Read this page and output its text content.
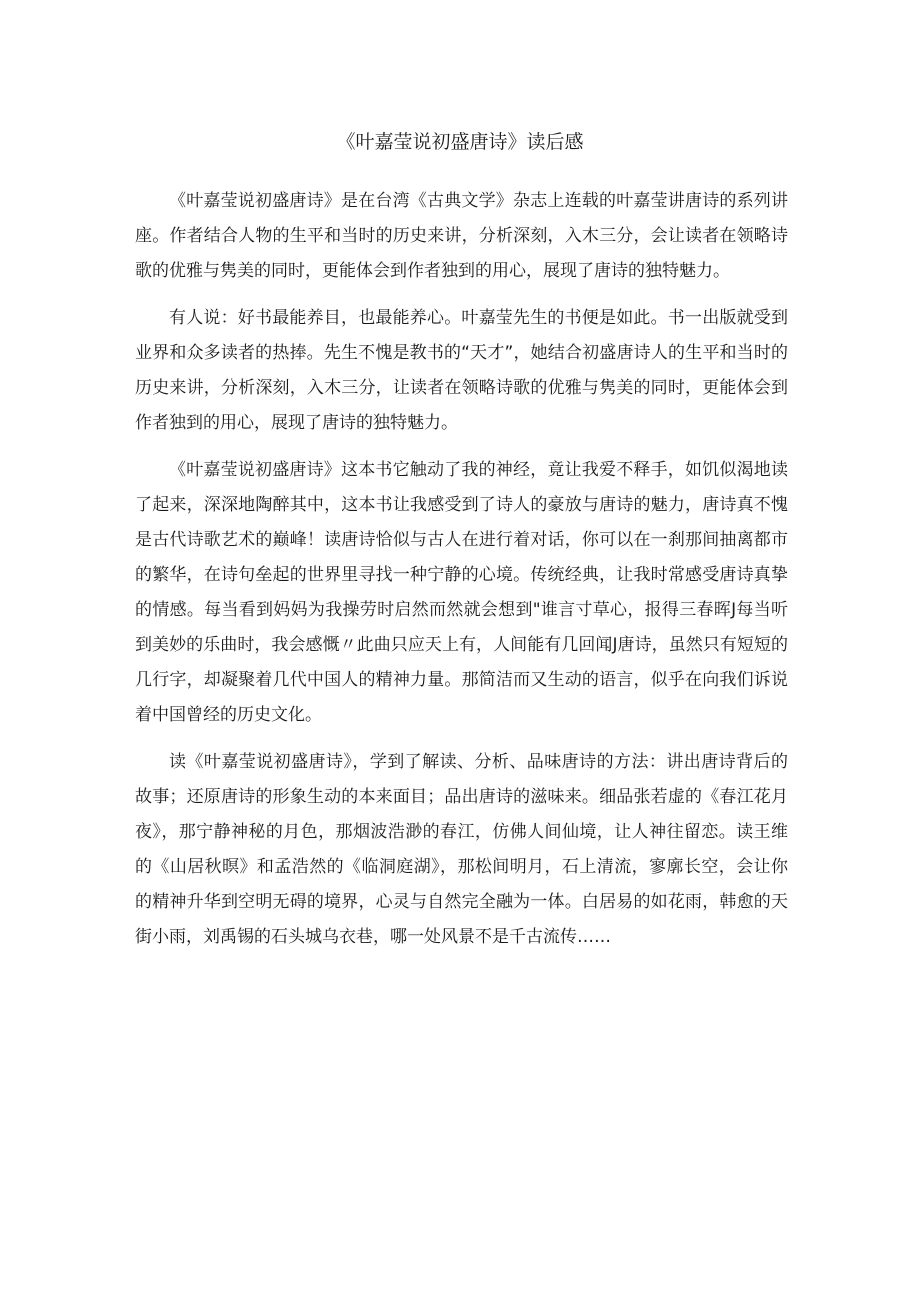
《叶嘉莹说初盛唐诗》读后感

《叶嘉莹说初盛唐诗》是在台湾《古典文学》杂志上连载的叶嘉莹讲唐诗的系列讲座。作者结合人物的生平和当时的历史来讲，分析深刻，入木三分，会让读者在领略诗歌的优雅与隽美的同时，更能体会到作者独到的用心，展现了唐诗的独特魅力。

有人说：好书最能养目，也最能养心。叶嘉莹先生的书便是如此。书一出版就受到业界和众多读者的热捧。先生不愧是教书的“天才”，她结合初盛唐诗人的生平和当时的历史来讲，分析深刻，入木三分，让读者在领略诗歌的优雅与隽美的同时，更能体会到作者独到的用心，展现了唐诗的独特魅力。

《叶嘉莹说初盛唐诗》这本书它触动了我的神经，竟让我爱不释手，如饥似渴地读了起来，深深地陶醉其中，这本书让我感受到了诗人的豪放与唐诗的魅力，唐诗真不愧是古代诗歌艺术的巅峰！读唐诗恰似与古人在进行着对话，你可以在一刹那间抽离都市的繁华，在诗句垒起的世界里寻找一种宁静的心境。传统经典，让我时常感受唐诗真挚的情感。每当看到妈妈为我操劳时启然而然就会想到"谁言寸草心，报得三春晖J每当听到美妙的乐曲时，我会感慨〃此曲只应天上有，人间能有几回闻J唐诗，虽然只有短短的几行字，却凝聚着几代中国人的精神力量。那简洁而又生动的语言，似乎在向我们诉说着中国曾经的历史文化。

读《叶嘉莹说初盛唐诗》，学到了解读、分析、品味唐诗的方法：讲出唐诗背后的故事；还原唐诗的形象生动的本来面目；品出唐诗的滋味来。细品张若虚的《春江花月夜》，那宁静神秘的月色，那烟波浩渺的春江，仿佛人间仙境，让人神往留恋。读王维的《山居秋暝》和孟浩然的《临洞庭湖》，那松间明月，石上清流，寥廓长空，会让你的精神升华到空明无碍的境界，心灵与自然完全融为一体。白居易的如花雨，韩愈的天街小雨，刘禹锡的石头城乌衣巷，哪一处风景不是千古流传……
